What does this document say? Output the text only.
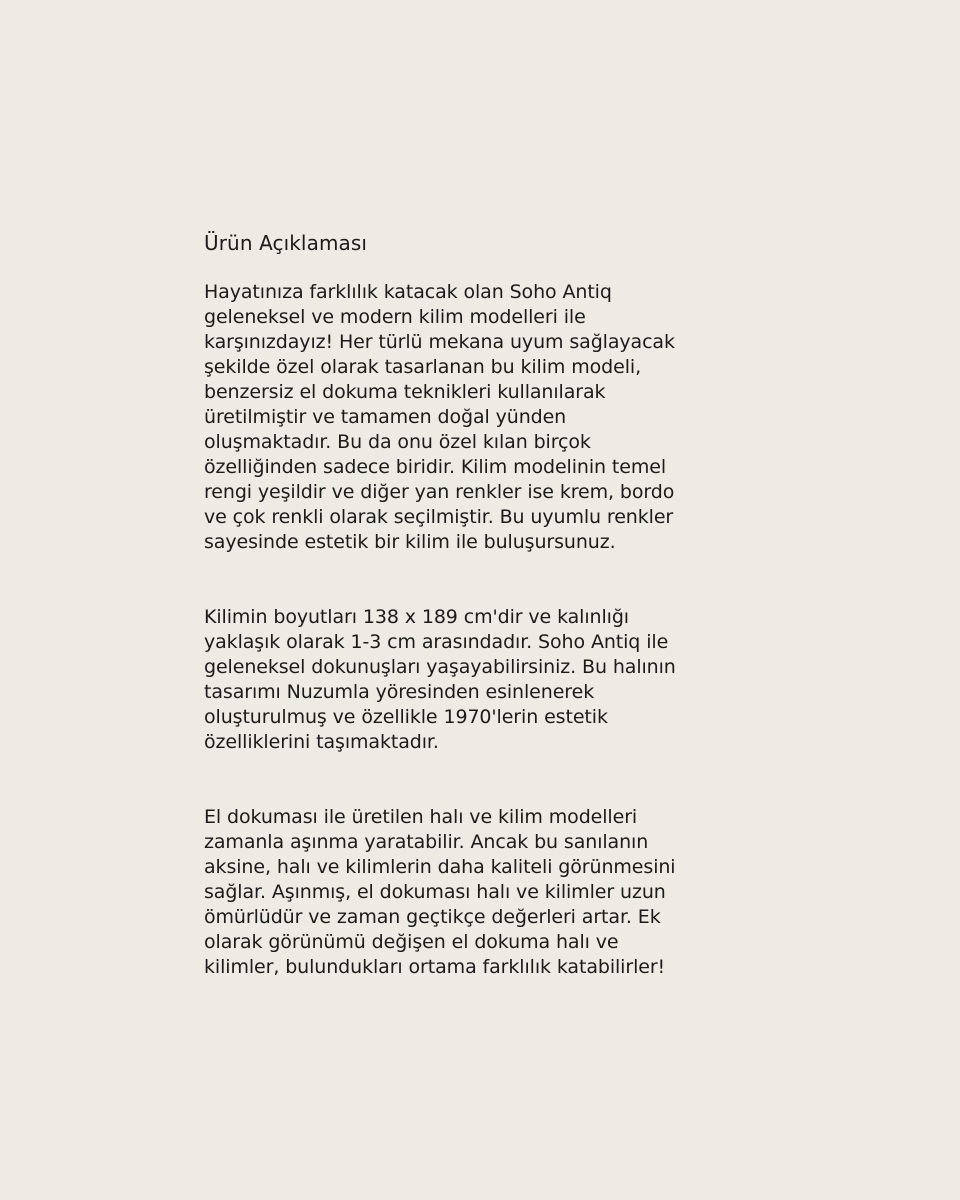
Ürün Açıklaması
Hayatınıza farklılık katacak olan Soho Antiq
geleneksel ve modern kilim modelleri ile
karşınızdayız! Her türlü mekana uyum sağlayacak
şekilde özel olarak tasarlanan bu kilim modeli,
benzersiz el dokuma teknikleri kullanılarak
üretilmiştir ve tamamen doğal yünden
oluşmaktadır. Bu da onu özel kılan birçok
özelliğinden sadece biridir. Kilim modelinin temel
rengi yeşildir ve diğer yan renkler ise krem, bordo
ve çok renkli olarak seçilmiştir. Bu uyumlu renkler
sayesinde estetik bir kilim ile buluşursunuz.
Kilimin boyutları 138 x 189 cm'dir ve kalınlığı
yaklaşık olarak 1-3 cm arasındadır. Soho Antiq ile
geleneksel dokunuşları yaşayabilirsiniz. Bu halının
tasarımı Nuzumla yöresinden esinlenerek
oluşturulmuş ve özellikle 1970'lerin estetik
özelliklerini taşımaktadır.
El dokuması ile üretilen halı ve kilim modelleri
zamanla aşınma yaratabilir. Ancak bu sanılanın
aksine, halı ve kilimlerin daha kaliteli görünmesini
sağlar. Aşınmış, el dokuması halı ve kilimler uzun
ömürlüdür ve zaman geçtikçe değerleri artar. Ek
olarak görünümü değişen el dokuma halı ve
kilimler, bulundukları ortama farklılık katabilirler!
